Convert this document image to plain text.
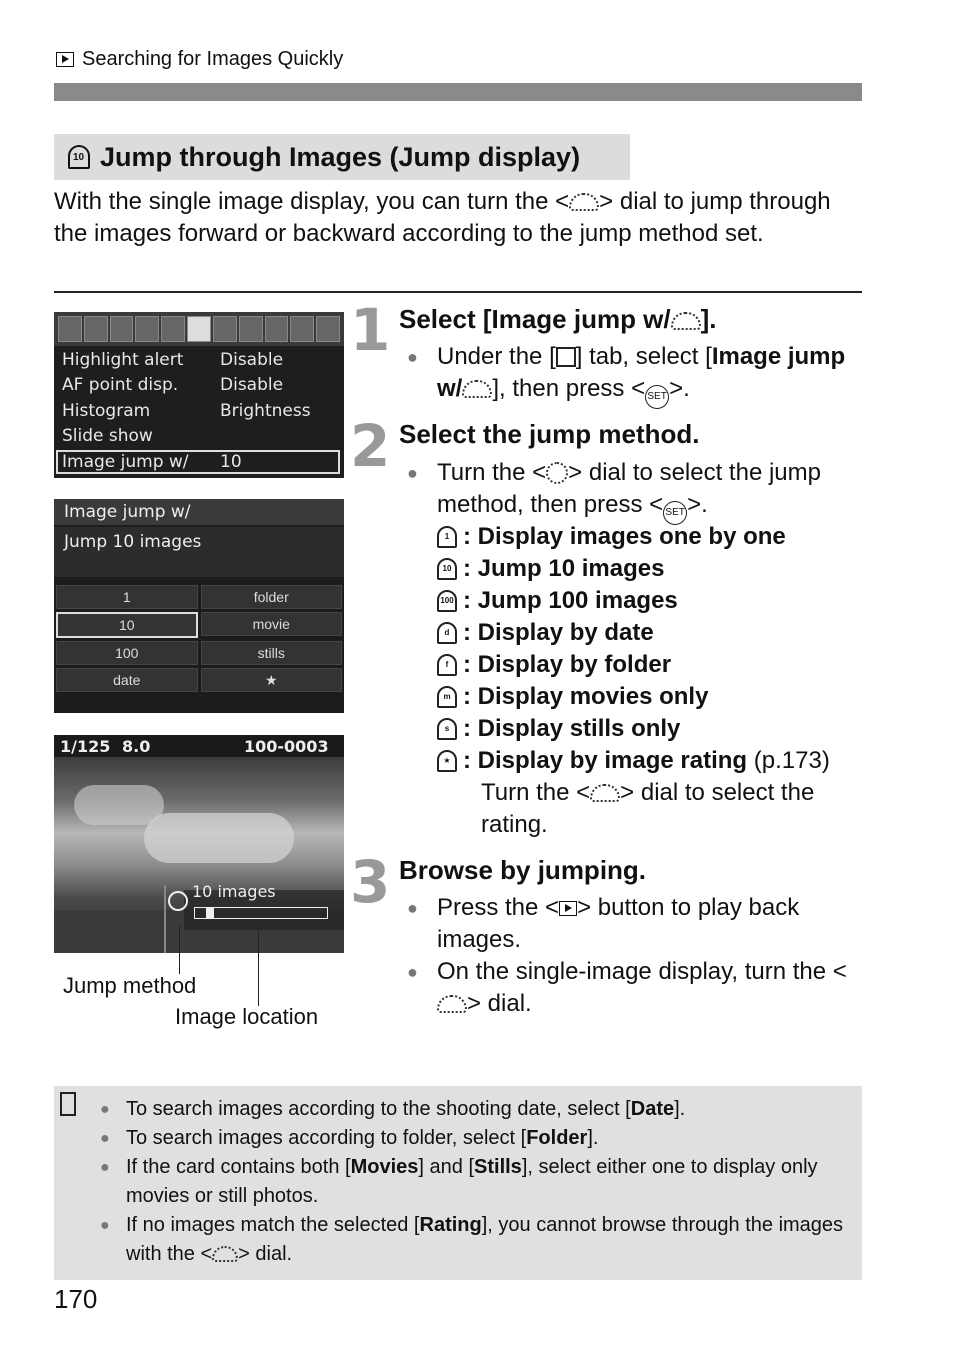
Searching for Images Quickly
10
Jump through Images (Jump display)
With the single image display, you can turn the < > dial to jump through the images forward or backward according to the jump method set.
Highlight alert	Disable
AF point disp.	Disable
Histogram	Brightness
Slide show
Image jump w/	10
Image jump w/
Jump 10 images
1	folder
10	movie
100	stills
date	★
1/125 8.0	100-0003
10 images
Jump method
Image location
1 Select [Image jump w/ ].
● Under the [ ] tab, select [Image jump w/ ], then press < SET>.
2 Select the jump method.
● Turn the < > dial to select the jump method, then press < SET>.
1 : Display images one by one
10 : Jump 10 images
100 : Jump 100 images
d : Display by date
f : Display by folder
m : Display movies only
s : Display stills only
★ : Display by image rating
(p.173)
Turn the < > dial to select the rating.
3 Browse by jumping.
● Press the < > button to play back images.
● On the single-image display, turn the <> dial.
● To search images according to the shooting date, select [Date].
● To search images according to folder, select [Folder].
● If the card contains both [Movies] and [Stills], select either one to display only movies or still photos.
● If no images match the selected [Rating], you cannot browse through the images with the < > dial.
170
